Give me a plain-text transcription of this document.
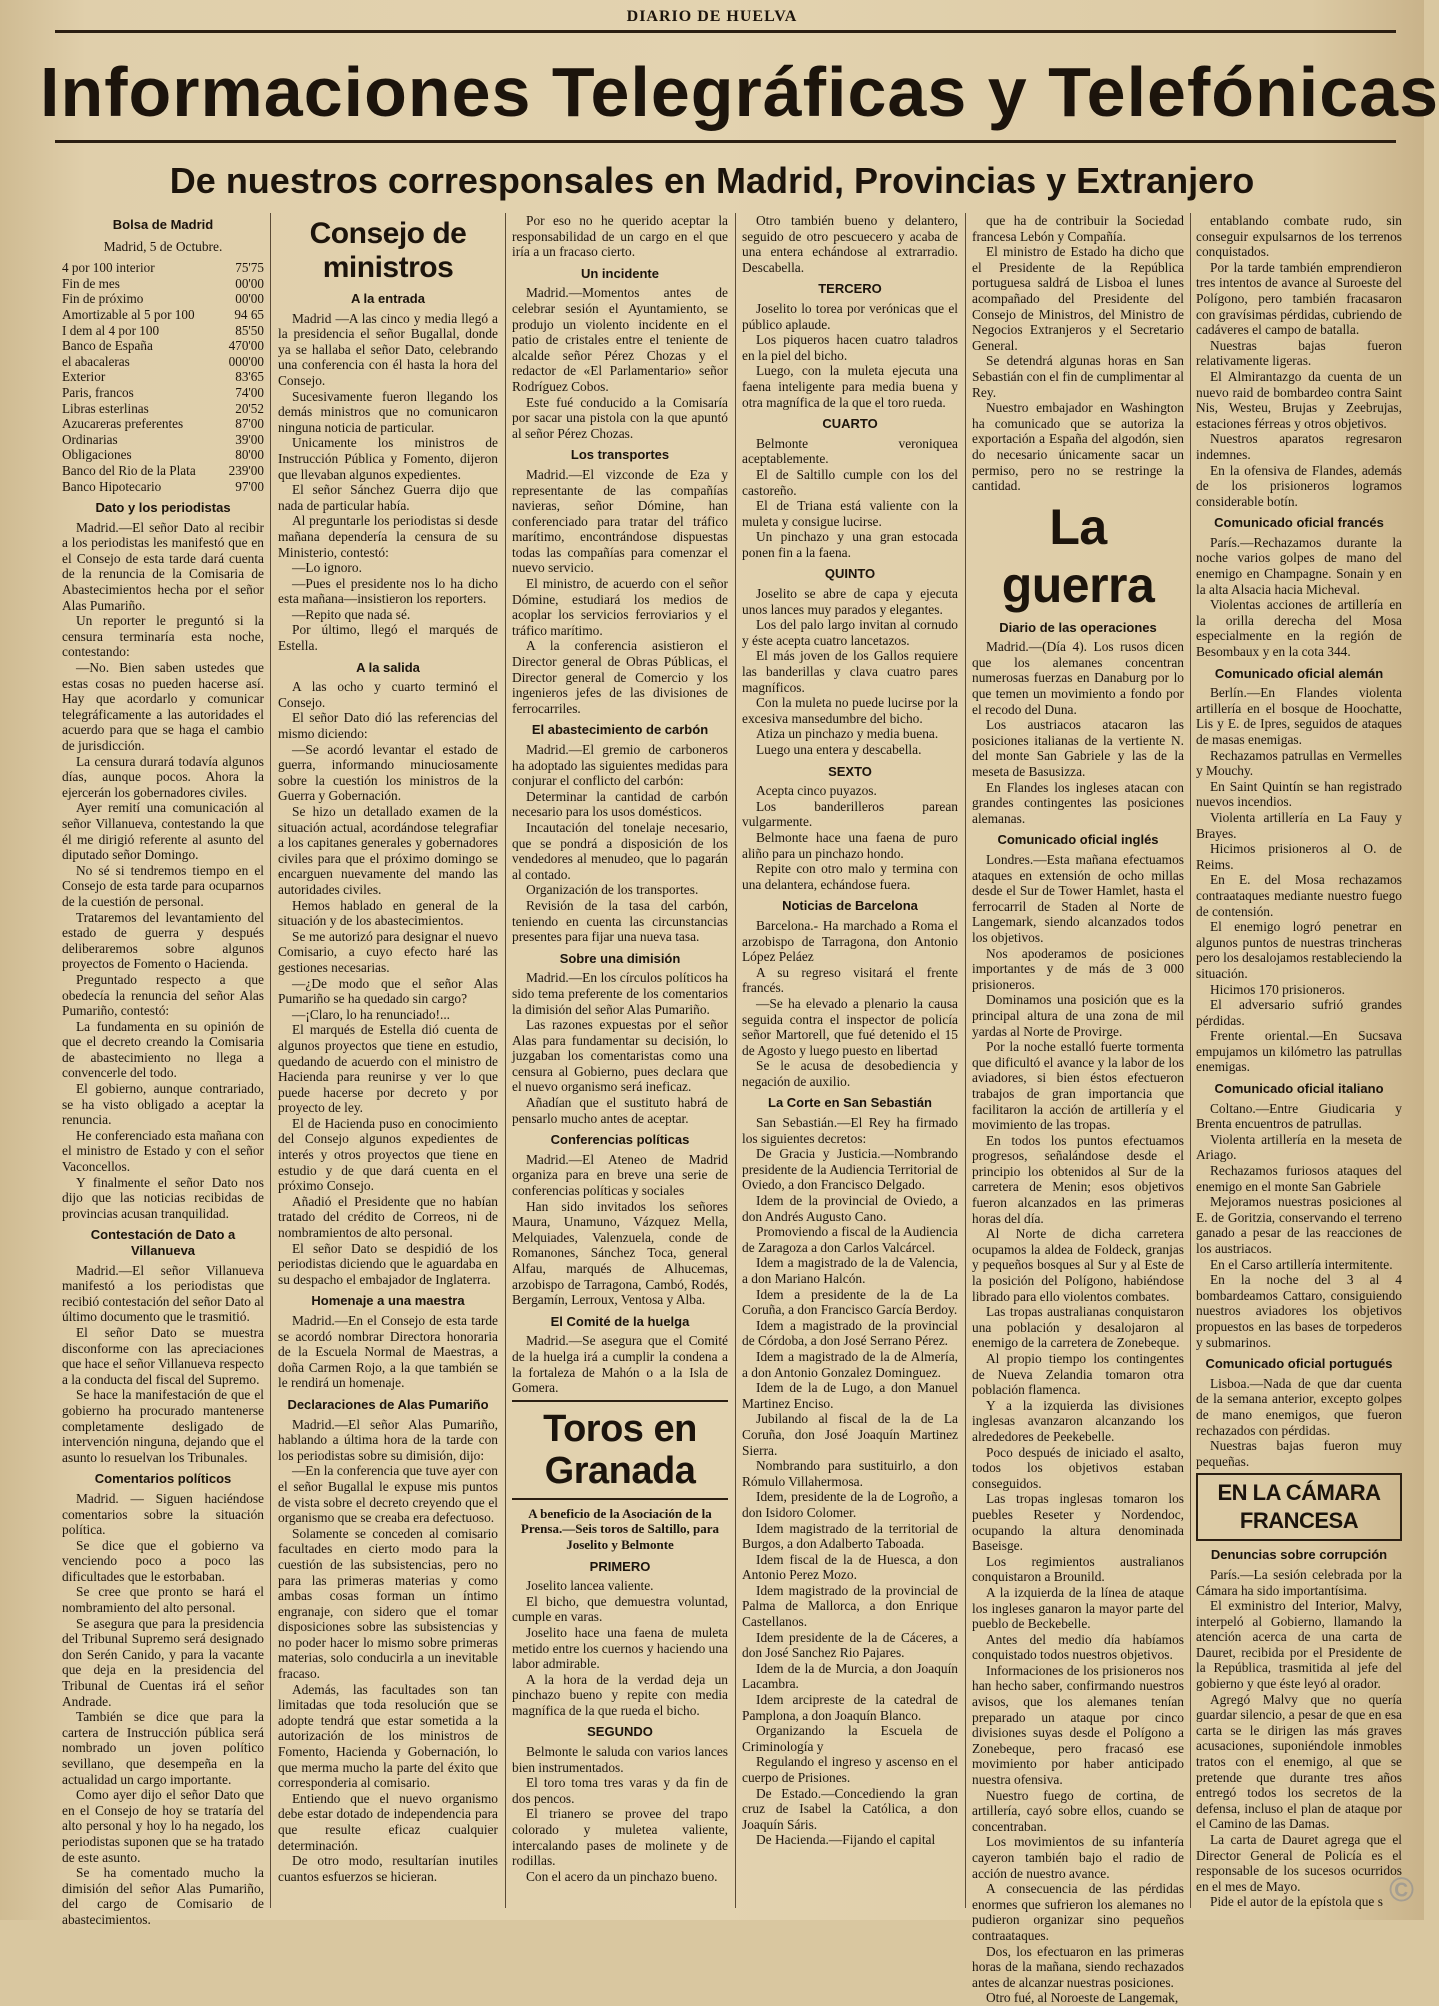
DIARIO DE HUELVA
Informaciones Telegráficas y Telefónicas
De nuestros corresponsales en Madrid, Provincias y Extranjero
Bolsa de Madrid
Madrid, 5 de Octubre.
4 por 100 interior	75'75
Fin de mes	00'00
Fin de próximo	00'00
Amortizable al 5 por 100	94 65
I dem al 4 por 100	85'50
Banco de España	470'00
el abacaleras	000'00
Exterior	83'65
Paris, francos	74'00
Libras esterlinas	20'52
Azucareras preferentes	87'00
Ordinarias	39'00
Obligaciones	80'00
Banco del Rio de la Plata	239'00
Banco Hipotecario	97'00
Dato y los periodistas

Madrid.—El señor Dato al recibir a los periodistas les manifestó que en el Consejo de esta tarde dará cuenta de la renuncia de la Comisaria de Abastecimientos hecha por el señor Alas Pumariño.

Un reporter le preguntó si la censura terminaría esta noche, contestando:

—No. Bien saben ustedes que estas cosas no pueden hacerse así. Hay que acordarlo y comunicar telegráficamente a las autoridades el acuerdo para que se haga el cambio de jurisdicción.

La censura durará todavía algunos días, aunque pocos. Ahora la ejercerán los gobernadores civiles.

Ayer remití una comunicación al señor Villanueva, contestando la que él me dirigió referente al asunto del diputado señor Domingo.

No sé si tendremos tiempo en el Consejo de esta tarde para ocuparnos de la cuestión de personal.

Trataremos del levantamiento del estado de guerra y después deliberaremos sobre algunos proyectos de Fomento o Hacienda.

Preguntado respecto a que obedecía la renuncia del señor Alas Pumariño, contestó:

La fundamenta en su opinión de que el decreto creando la Comisaria de abastecimiento no llega a convencerle del todo.

El gobierno, aunque contrariado, se ha visto obligado a aceptar la renuncia.

He conferenciado esta mañana con el ministro de Estado y con el señor Vaconcellos.

Y finalmente el señor Dato nos dijo que las noticias recibidas de provincias acusan tranquilidad.

Contestación de Dato a Villanueva

Madrid.—El señor Villanueva manifestó a los periodistas que recibió contestación del señor Dato al último documento que le trasmitió.

El señor Dato se muestra disconforme con las apreciaciones que hace el señor Villanueva respecto a la conducta del fiscal del Supremo.

Se hace la manifestación de que el gobierno ha procurado mantenerse completamente desligado de intervención ninguna, dejando que el asunto lo resuelvan los Tribunales.

Comentarios políticos

Madrid. — Siguen haciéndose comentarios sobre la situación política.

Se dice que el gobierno va venciendo poco a poco las dificultades que le estorbaban.

Se cree que pronto se hará el nombramiento del alto personal.

Se asegura que para la presidencia del Tribunal Supremo será designado don Serén Canido, y para la vacante que deja en la presidencia del Tribunal de Cuentas irá el señor Andrade.

También se dice que para la cartera de Instrucción pública será nombrado un joven político sevillano, que desempeña en la actualidad un cargo importante.

Como ayer dijo el señor Dato que en el Consejo de hoy se trataría del alto personal y hoy lo ha negado, los periodistas suponen que se ha tratado de este asunto.

Se ha comentado mucho la dimisión del señor Alas Pumariño, del cargo de Comisario de abastecimientos.

Consejo de ministros
A la entrada

Madrid —A las cinco y media llegó a la presidencia el señor Bugallal, donde ya se hallaba el señor Dato, celebrando una conferencia con él hasta la hora del Consejo.

Sucesivamente fueron llegando los demás ministros que no comunicaron ninguna noticia de particular.

Unicamente los ministros de Instrucción Pública y Fomento, dijeron que llevaban algunos expedientes.

El señor Sánchez Guerra dijo que nada de particular había.

Al preguntarle los periodistas si desde mañana dependería la censura de su Ministerio, contestó:

—Lo ignoro.

—Pues el presidente nos lo ha dicho esta mañana—insistieron los reporters.

—Repito que nada sé.

Por último, llegó el marqués de Estella.

A la salida

A las ocho y cuarto terminó el Consejo.

El señor Dato dió las referencias del mismo diciendo:

—Se acordó levantar el estado de guerra, informando minuciosamente sobre la cuestión los ministros de la Guerra y Gobernación.

Se hizo un detallado examen de la situación actual, acordándose telegrafiar a los capitanes generales y gobernadores civiles para que el próximo domingo se encarguen nuevamente del mando las autoridades civiles.

Hemos hablado en general de la situación y de los abastecimientos.

Se me autorizó para designar el nuevo Comisario, a cuyo efecto haré las gestiones necesarias.

—¿De modo que el señor Alas Pumariño se ha quedado sin cargo?

—¡Claro, lo ha renunciado!...

El marqués de Estella dió cuenta de algunos proyectos que tiene en estudio, quedando de acuerdo con el ministro de Hacienda para reunirse y ver lo que puede hacerse por decreto y por proyecto de ley.

El de Hacienda puso en conocimiento del Consejo algunos expedientes de interés y otros proyectos que tiene en estudio y de que dará cuenta en el próximo Consejo.

Añadió el Presidente que no habían tratado del crédito de Correos, ni de nombramientos de alto personal.

El señor Dato se despidió de los periodistas diciendo que le aguardaba en su despacho el embajador de Inglaterra.

Homenaje a una maestra

Madrid.—En el Consejo de esta tarde se acordó nombrar Directora honoraria de la Escuela Normal de Maestras, a doña Carmen Rojo, a la que también se le rendirá un homenaje.

Declaraciones de Alas Pumariño

Madrid.—El señor Alas Pumariño, hablando a última hora de la tarde con los periodistas sobre su dimisión, dijo:

—En la conferencia que tuve ayer con el señor Bugallal le expuse mis puntos de vista sobre el decreto creyendo que el organismo que se creaba era defectuoso.

Solamente se conceden al comisario facultades en cierto modo para la cuestión de las subsistencias, pero no para las primeras materias y como ambas cosas forman un íntimo engranaje, con sidero que el tomar disposiciones sobre las subsistencias y no poder hacer lo mismo sobre primeras materias, solo conducirla a un inevitable fracaso.

Además, las facultades son tan limitadas que toda resolución que se adopte tendrá que estar sometida a la autorización de los ministros de Fomento, Hacienda y Gobernación, lo que merma mucho la parte del éxito que corresponderia al comisario.

Entiendo que el nuevo organismo debe estar dotado de independencia para que resulte eficaz cualquier determinación.

De otro modo, resultarían inutiles cuantos esfuerzos se hicieran.

Por eso no he querido aceptar la responsabilidad de un cargo en el que iría a un fracaso cierto.

Un incidente

Madrid.—Momentos antes de celebrar sesión el Ayuntamiento, se produjo un violento incidente en el patio de cristales entre el teniente de alcalde señor Pérez Chozas y el redactor de «El Parlamentario» señor Rodríguez Cobos.

Este fué conducido a la Comisaría por sacar una pistola con la que apuntó al señor Pérez Chozas.

Los transportes

Madrid.—El vizconde de Eza y representante de las compañías navieras, señor Dómine, han conferenciado para tratar del tráfico marítimo, encontrándose dispuestas todas las compañías para comenzar el nuevo servicio.

El ministro, de acuerdo con el señor Dómine, estudiará los medios de acoplar los servicios ferroviarios y el tráfico marítimo.

A la conferencia asistieron el Director general de Obras Públicas, el Director general de Comercio y los ingenieros jefes de las divisiones de ferrocarriles.

El abastecimiento de carbón

Madrid.—El gremio de carboneros ha adoptado las siguientes medidas para conjurar el conflicto del carbón:

Determinar la cantidad de carbón necesario para los usos domésticos.

Incautación del tonelaje necesario, que se pondrá a disposición de los vendedores al menudeo, que lo pagarán al contado.

Organización de los transportes.

Revisión de la tasa del carbón, teniendo en cuenta las circunstancias presentes para fijar una nueva tasa.

Sobre una dimisión

Madrid.—En los círculos políticos ha sido tema preferente de los comentarios la dimisión del señor Alas Pumariño.

Las razones expuestas por el señor Alas para fundamentar su decisión, lo juzgaban los comentaristas como una censura al Gobierno, pues declara que el nuevo organismo será ineficaz.

Añadían que el sustituto habrá de pensarlo mucho antes de aceptar.

Conferencias políticas

Madrid.—El Ateneo de Madrid organiza para en breve una serie de conferencias políticas y sociales

Han sido invitados los señores Maura, Unamuno, Vázquez Mella, Melquiades, Valenzuela, conde de Romanones, Sánchez Toca, general Alfau, marqués de Alhucemas, arzobispo de Tarragona, Cambó, Rodés, Bergamín, Lerroux, Ventosa y Alba.

El Comité de la huelga

Madrid.—Se asegura que el Comité de la huelga irá a cumplir la condena a la fortaleza de Mahón o a la Isla de Gomera.

Toros en Granada
A beneficio de la Asociación de la Prensa.—Seis toros de Saltillo, para Joselito y Belmonte
PRIMERO

Joselito lancea valiente.

El bicho, que demuestra voluntad, cumple en varas.

Joselito hace una faena de muleta metido entre los cuernos y haciendo una labor admirable.

A la hora de la verdad deja un pinchazo bueno y repite con media magnífica de la que rueda el bicho.

SEGUNDO

Belmonte le saluda con varios lances bien instrumentados.

El toro toma tres varas y da fin de dos pencos.

El trianero se provee del trapo colorado y muletea valiente, intercalando pases de molinete y de rodillas.

Con el acero da un pinchazo bueno.

Otro también bueno y delantero, seguido de otro pescuecero y acaba de una entera echándose al extrarradio. Descabella.

TERCERO

Joselito lo torea por verónicas que el público aplaude.

Los piqueros hacen cuatro taladros en la piel del bicho.

Luego, con la muleta ejecuta una faena inteligente para media buena y otra magnífica de la que el toro rueda.

CUARTO

Belmonte veroniquea aceptablemente.

El de Saltillo cumple con los del castoreño.

El de Triana está valiente con la muleta y consigue lucirse.

Un pinchazo y una gran estocada ponen fin a la faena.

QUINTO

Joselito se abre de capa y ejecuta unos lances muy parados y elegantes.

Los del palo largo invitan al cornudo y éste acepta cuatro lancetazos.

El más joven de los Gallos requiere las banderillas y clava cuatro pares magníficos.

Con la muleta no puede lucirse por la excesiva mansedumbre del bicho.

Atiza un pinchazo y media buena.

Luego una entera y descabella.

SEXTO

Acepta cinco puyazos.

Los banderilleros parean vulgarmente.

Belmonte hace una faena de puro aliño para un pinchazo hondo.

Repite con otro malo y termina con una delantera, echándose fuera.

Noticias de Barcelona

Barcelona.- Ha marchado a Roma el arzobispo de Tarragona, don Antonio López Peláez

A su regreso visitará el frente francés.

—Se ha elevado a plenario la causa seguida contra el inspector de policía señor Martorell, que fué detenido el 15 de Agosto y luego puesto en libertad

Se le acusa de desobediencia y negación de auxilio.

La Corte en San Sebastián

San Sebastián.—El Rey ha firmado los siguientes decretos:

De Gracia y Justicia.—Nombrando presidente de la Audiencia Territorial de Oviedo, a don Francisco Delgado.

Idem de la provincial de Oviedo, a don Andrés Augusto Cano.

Promoviendo a fiscal de la Audiencia de Zaragoza a don Carlos Valcárcel.

Idem a magistrado de la de Valencia, a don Mariano Halcón.

Idem a presidente de la de La Coruña, a don Francisco García Berdoy.

Idem a magistrado de la provincial de Córdoba, a don José Serrano Pérez.

Idem a magistrado de la de Almería, a don Antonio Gonzalez Dominguez.

Idem de la de Lugo, a don Manuel Martinez Enciso.

Jubilando al fiscal de la de La Coruña, don José Joaquín Martinez Sierra.

Nombrando para sustituirlo, a don Rómulo Villahermosa.

Idem, presidente de la de Logroño, a don Isidoro Colomer.

Idem magistrado de la territorial de Burgos, a don Adalberto Taboada.

Idem fiscal de la de Huesca, a don Antonio Perez Mozo.

Idem magistrado de la provincial de Palma de Mallorca, a don Enrique Castellanos.

Idem presidente de la de Cáceres, a don José Sanchez Rio Pajares.

Idem de la de Murcia, a don Joaquín Lacambra.

Idem arcipreste de la catedral de Pamplona, a don Joaquín Blanco.

Organizando la Escuela de Criminología y

Regulando el ingreso y ascenso en el cuerpo de Prisiones.

De Estado.—Concediendo la gran cruz de Isabel la Católica, a don Joaquín Sáris.

De Hacienda.—Fijando el capital

que ha de contribuir la Sociedad francesa Lebón y Compañía.

El ministro de Estado ha dicho que el Presidente de la República portuguesa saldrá de Lisboa el lunes acompañado del Presidente del Consejo de Ministros, del Ministro de Negocios Extranjeros y el Secretario General.

Se detendrá algunas horas en San Sebastián con el fin de cumplimentar al Rey.

Nuestro embajador en Washington ha comunicado que se autoriza la exportación a España del algodón, sien do necesario únicamente sacar un permiso, pero no se restringe la cantidad.

La guerra
Diario de las operaciones

Madrid.—(Día 4). Los rusos dicen que los alemanes concentran numerosas fuerzas en Danaburg por lo que temen un movimiento a fondo por el recodo del Duna.

Los austriacos atacaron las posiciones italianas de la vertiente N. del monte San Gabriele y las de la meseta de Basusizza.

En Flandes los ingleses atacan con grandes contingentes las posiciones alemanas.

Comunicado oficial inglés

Londres.—Esta mañana efectuamos ataques en extensión de ocho millas desde el Sur de Tower Hamlet, hasta el ferrocarril de Staden al Norte de Langemark, siendo alcanzados todos los objetivos.

Nos apoderamos de posiciones importantes y de más de 3 000 prisioneros.

Dominamos una posición que es la principal altura de una zona de mil yardas al Norte de Provirge.

Por la noche estalló fuerte tormenta que dificultó el avance y la labor de los aviadores, si bien éstos efectueron trabajos de gran importancia que facilitaron la acción de artillería y el movimiento de las tropas.

En todos los puntos efectuamos progresos, señalándose desde el principio los obtenidos al Sur de la carretera de Menin; esos objetivos fueron alcanzados en las primeras horas del día.

Al Norte de dicha carretera ocupamos la aldea de Foldeck, granjas y pequeños bosques al Sur y al Este de la posición del Polígono, habiéndose librado para ello violentos combates.

Las tropas australianas conquistaron una población y desalojaron al enemigo de la carretera de Zonebeque.

Al propio tiempo los contingentes de Nueva Zelandia tomaron otra población flamenca.

Y a la izquierda las divisiones inglesas avanzaron alcanzando los alrededores de Peekebelle.

Poco después de iniciado el asalto, todos los objetivos estaban conseguidos.

Las tropas inglesas tomaron los puebles Reseter y Nordendoc, ocupando la altura denominada Baseisge.

Los regimientos australianos conquistaron a Brounild.

A la izquierda de la línea de ataque los ingleses ganaron la mayor parte del pueblo de Beckebelle.

Antes del medio día habíamos conquistado todos nuestros objetivos.

Informaciones de los prisioneros nos han hecho saber, confirmando nuestros avisos, que los alemanes tenían preparado un ataque por cinco divisiones suyas desde el Polígono a Zonebeque, pero fracasó ese movimiento por haber anticipado nuestra ofensiva.

Nuestro fuego de cortina, de artillería, cayó sobre ellos, cuando se concentraban.

Los movimientos de su infantería cayeron también bajo el radio de acción de nuestro avance.

A consecuencia de las pérdidas enormes que sufrieron los alemanes no pudieron organizar sino pequeños contraataques.

Dos, los efectuaron en las primeras horas de la mañana, siendo rechazados antes de alcanzar nuestras posiciones.

Otro fué, al Noroeste de Langemak,

entablando combate rudo, sin conseguir expulsarnos de los terrenos conquistados.

Por la tarde también emprendieron tres intentos de avance al Suroeste del Polígono, pero también fracasaron con gravísimas pérdidas, cubriendo de cadáveres el campo de batalla.

Nuestras bajas fueron relativamente ligeras.

El Almirantazgo da cuenta de un nuevo raid de bombardeo contra Saint Nis, Westeu, Brujas y Zeebrujas, estaciones férreas y otros objetivos.

Nuestros aparatos regresaron indemnes.

En la ofensiva de Flandes, además de los prisioneros logramos considerable botín.

Comunicado oficial francés

París.—Rechazamos durante la noche varios golpes de mano del enemigo en Champagne. Sonain y en la alta Alsacia hacia Micheval.

Violentas acciones de artillería en la orilla derecha del Mosa especialmente en la región de Besombaux y en la cota 344.

Comunicado oficial alemán

Berlín.—En Flandes violenta artillería en el bosque de Hoochatte, Lis y E. de Ipres, seguidos de ataques de masas enemigas.

Rechazamos patrullas en Vermelles y Mouchy.

En Saint Quintín se han registrado nuevos incendios.

Violenta artillería en La Fauy y Brayes.

Hicimos prisioneros al O. de Reims.

En E. del Mosa rechazamos contraataques mediante nuestro fuego de contensión.

El enemigo logró penetrar en algunos puntos de nuestras trincheras pero los desalojamos restableciendo la situación.

Hicimos 170 prisioneros.

El adversario sufrió grandes pérdidas.

Frente oriental.—En Sucsava empujamos un kilómetro las patrullas enemigas.

Comunicado oficial italiano

Coltano.—Entre Giudicaria y Brenta encuentros de patrullas.

Violenta artillería en la meseta de Ariago.

Rechazamos furiosos ataques del enemigo en el monte San Gabriele

Mejoramos nuestras posiciones al E. de Goritzia, conservando el terreno ganado a pesar de las reacciones de los austriacos.

En el Carso artillería intermitente.

En la noche del 3 al 4 bombardeamos Cattaro, consiguiendo nuestros aviadores los objetivos propuestos en las bases de torpederos y submarinos.

Comunicado oficial portugués

Lisboa.—Nada de que dar cuenta de la semana anterior, excepto golpes de mano enemigos, que fueron rechazados con pérdidas.

Nuestras bajas fueron muy pequeñas.

EN LA CÁMARA FRANCESA
Denuncias sobre corrupción

París.—La sesión celebrada por la Cámara ha sido importantísima.

El exministro del Interior, Malvy, interpeló al Gobierno, llamando la atención acerca de una carta de Dauret, recibida por el Presidente de la República, trasmitida al jefe del gobierno y que éste leyó al orador.

Agregó Malvy que no quería guardar silencio, a pesar de que en esa carta se le dirigen las más graves acusaciones, suponiéndole inmobles tratos con el enemigo, al que se pretende que durante tres años entregó todos los secretos de la defensa, incluso el plan de ataque por el Camino de las Damas.

La carta de Dauret agrega que el Director General de Policía es el responsable de los sucesos ocurridos en el mes de Mayo.

Pide el autor de la epístola que s ©
